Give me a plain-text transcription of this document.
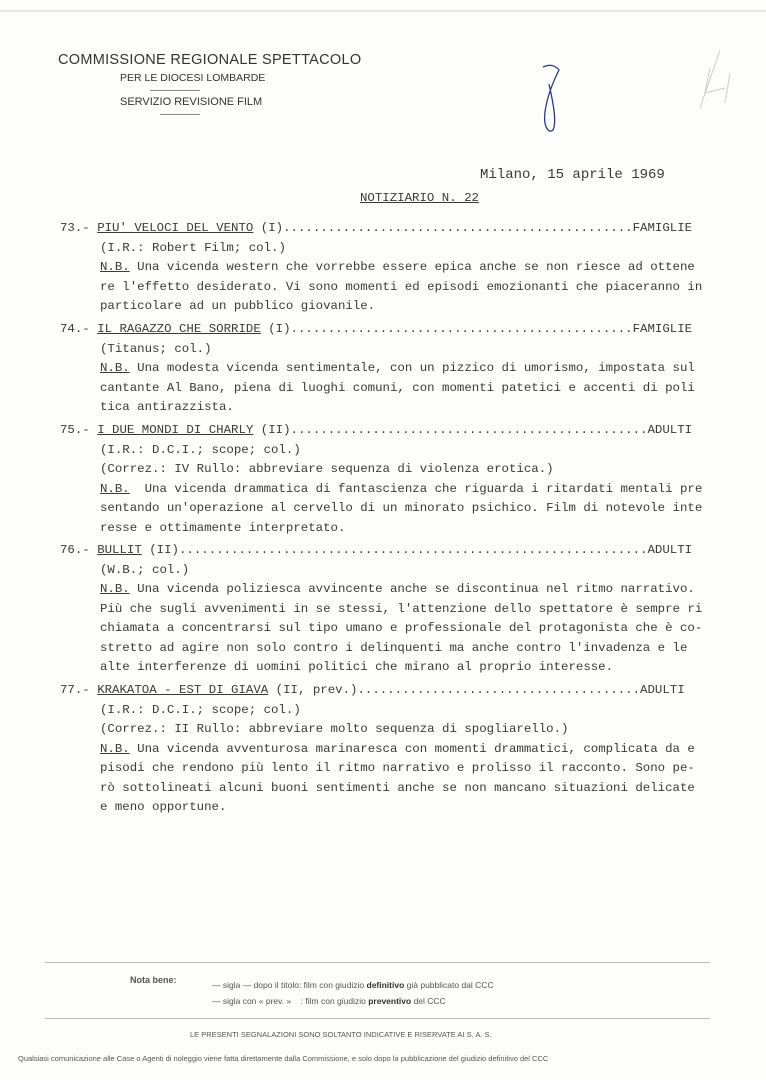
COMMISSIONE REGIONALE SPETTACOLO
PER LE DIOCESI LOMBARDE
SERVIZIO REVISIONE FILM
Milano, 15 aprile 1969
NOTIZIARIO N. 22
73.- PIU' VELOCI DEL VENTO (I)...............................................FAMIGLIE
(I.R.: Robert Film; col.)
N.B. Una vicenda western che vorrebbe essere epica anche se non riesce ad ottene
re l'effetto desiderato. Vi sono momenti ed episodi emozionanti che piaceranno in
particolare ad un pubblico giovanile.
74.- IL RAGAZZO CHE SORRIDE (I)..............................................FAMIGLIE
(Titanus; col.)
N.B. Una modesta vicenda sentimentale, con un pizzico di umorismo, impostata sul
cantante Al Bano, piena di luoghi comuni, con momenti patetici e accenti di poli
tica antirazzista.
75.- I DUE MONDI DI CHARLY (II)................................................ADULTI
(I.R.: D.C.I.; scope; col.)
(Correz.: IV Rullo: abbreviare sequenza di violenza erotica.)
N.B.  Una vicenda drammatica di fantascienza che riguarda i ritardati mentali pre
sentando un'operazione al cervello di un minorato psichico. Film di notevole inte
resse e ottimamente interpretato.
76.- BULLIT (II)...............................................................ADULTI
(W.B.; col.)
N.B. Una vicenda poliziesca avvincente anche se discontinua nel ritmo narrativo.
Più che sugli avvenimenti in se stessi, l'attenzione dello spettatore è sempre ri
chiamata a concentrarsi sul tipo umano e professionale del protagonista che è co-
stretto ad agire non solo contro i delinquenti ma anche contro l'invadenza e le
alte interferenze di uomini politici che mirano al proprio interesse.
77.- KRAKATOA - EST DI GIAVA (II, prev.)......................................ADULTI
(I.R.: D.C.I.; scope; col.)
(Correz.: II Rullo: abbreviare molto sequenza di spogliarello.)
N.B. Una vicenda avventurosa marinaresca con momenti drammatici, complicata da e
pisodi che rendono più lento il ritmo narrativo e prolisso il racconto. Sono pe-
rò sottolineati alcuni buoni sentimenti anche se non mancano situazioni delicate
e meno opportune.
Nota bene:	— sigla — dopo il titolo: film con giudizio definitivo già pubblicato dal CCC
— sigla con « prev. »    : film con giudizio preventivo del CCC
LE PRESENTI SEGNALAZIONI SONO SOLTANTO INDICATIVE E RISERVATE AI S. A. S.
Qualsiasi comunicazione alle Case o Agenti di noleggio viene fatta direttamente dalla Commissione, e solo dopo la pubblicazione del giudizio definitivo del CCC
